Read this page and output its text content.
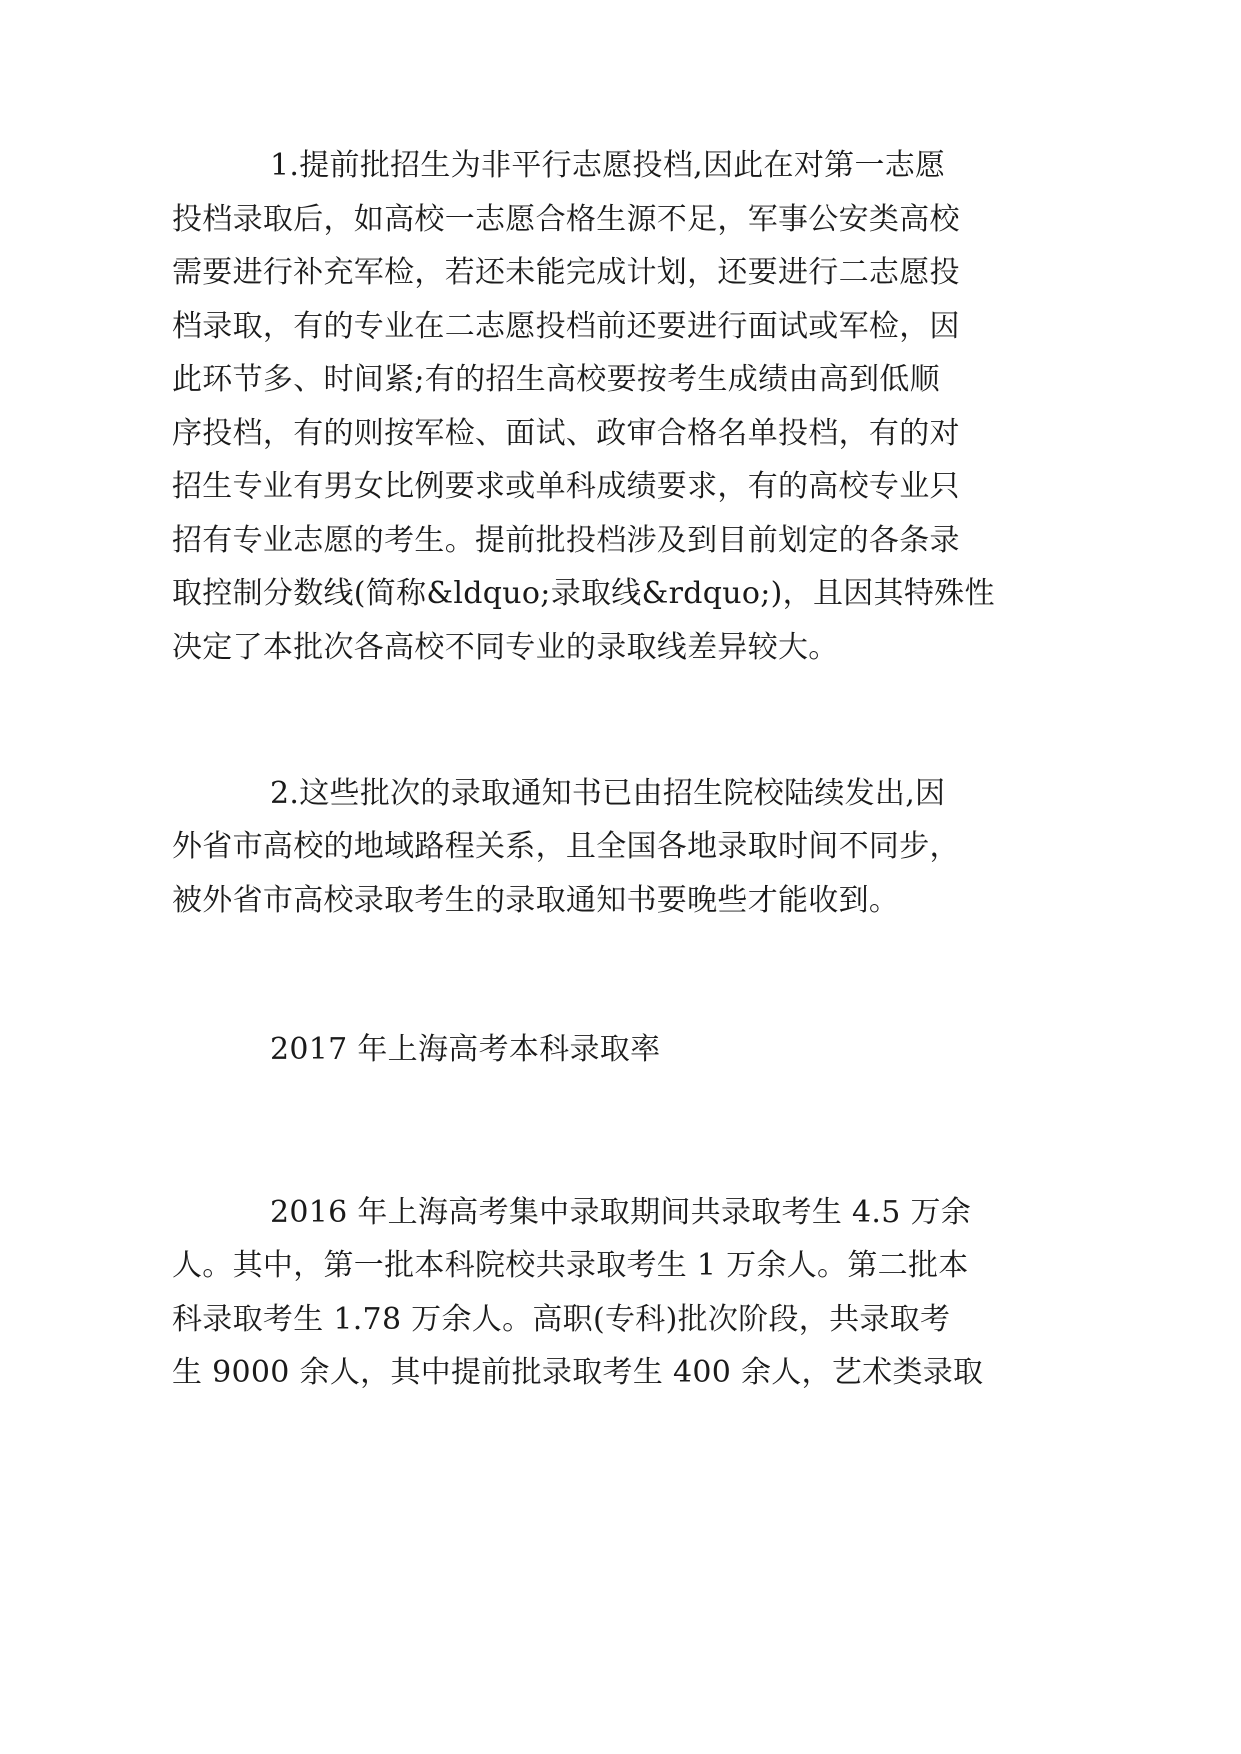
1.提前批招生为非平行志愿投档,因此在对第一志愿
投档录取后，如高校一志愿合格生源不足，军事公安类高校
需要进行补充军检，若还未能完成计划，还要进行二志愿投
档录取，有的专业在二志愿投档前还要进行面试或军检，因
此环节多、时间紧;有的招生高校要按考生成绩由高到低顺
序投档，有的则按军检、面试、政审合格名单投档，有的对
招生专业有男女比例要求或单科成绩要求，有的高校专业只
招有专业志愿的考生。提前批投档涉及到目前划定的各条录
取控制分数线(简称&ldquo;录取线&rdquo;)，且因其特殊性
决定了本批次各高校不同专业的录取线差异较大。
2.这些批次的录取通知书已由招生院校陆续发出,因
外省市高校的地域路程关系，且全国各地录取时间不同步，
被外省市高校录取考生的录取通知书要晚些才能收到。
2017 年上海高考本科录取率
2016 年上海高考集中录取期间共录取考生 4.5 万余
人。其中，第一批本科院校共录取考生 1 万余人。第二批本
科录取考生 1.78 万余人。高职(专科)批次阶段，共录取考
生 9000 余人，其中提前批录取考生 400 余人，艺术类录取
